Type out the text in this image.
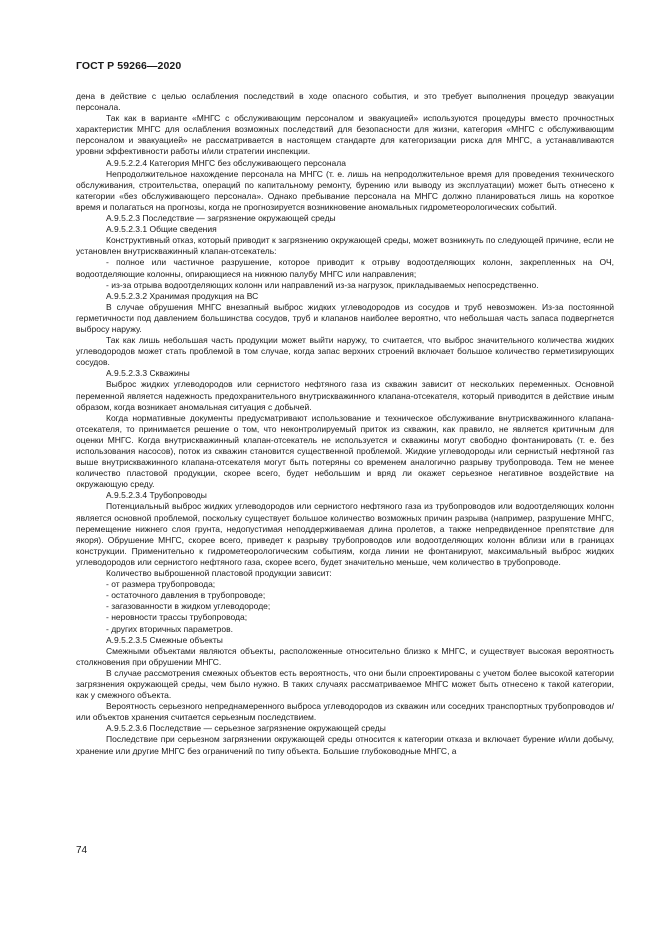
ГОСТ Р 59266—2020

дена в действие с целью ослабления последствий в ходе опасного события, и это требует выполнения процедур эвакуации персонала.

Так как в варианте «МНГС с обслуживающим персоналом и эвакуацией» используются процедуры вместо прочностных характеристик МНГС для ослабления возможных последствий для безопасности для жизни, категория «МНГС с обслуживающим персоналом и эвакуацией» не рассматривается в настоящем стандарте для категоризации риска для МНГС, а устанавливаются уровни эффективности работы и/или стратегии инспекции.

А.9.5.2.2.4 Категория МНГС без обслуживающего персонала

Непродолжительное нахождение персонала на МНГС (т. е. лишь на непродолжительное время для проведения технического обслуживания, строительства, операций по капитальному ремонту, бурению или выводу из эксплуатации) может быть отнесено к категории «без обслуживающего персонала». Однако пребывание персонала на МНГС должно планироваться лишь на короткое время и полагаться на прогнозы, когда не прогнозируется возникновение аномальных гидрометеорологических событий.

А.9.5.2.3 Последствие — загрязнение окружающей среды

А.9.5.2.3.1 Общие сведения

Конструктивный отказ, который приводит к загрязнению окружающей среды, может возникнуть по следующей причине, если не установлен внутрискважинный клапан-отсекатель:

- полное или частичное разрушение, которое приводит к отрыву водоотделяющих колонн, закрепленных на ОЧ, водоотделяющие колонны, опирающиеся на нижнюю палубу МНГС или направления;

- из-за отрыва водоотделяющих колонн или направлений из-за нагрузок, прикладываемых непосредственно.

А.9.5.2.3.2 Хранимая продукция на ВС

В случае обрушения МНГС внезапный выброс жидких углеводородов из сосудов и труб невозможен. Из-за постоянной герметичности под давлением большинства сосудов, труб и клапанов наиболее вероятно, что небольшая часть запаса подвергнется выбросу наружу.

Так как лишь небольшая часть продукции может выйти наружу, то считается, что выброс значительного количества жидких углеводородов может стать проблемой в том случае, когда запас верхних строений включает большое количество герметизирующих сосудов.

А.9.5.2.3.3 Скважины

Выброс жидких углеводородов или сернистого нефтяного газа из скважин зависит от нескольких переменных. Основной переменной является надежность предохранительного внутрискважинного клапана-отсекателя, который приводится в действие иным образом, когда возникает аномальная ситуация с добычей.

Когда нормативные документы предусматривают использование и техническое обслуживание внутрискважинного клапана-отсекателя, то принимается решение о том, что неконтролируемый приток из скважин, как правило, не является критичным для оценки МНГС. Когда внутрискважинный клапан-отсекатель не используется и скважины могут свободно фонтанировать (т. е. без использования насосов), поток из скважин становится существенной проблемой. Жидкие углеводороды или сернистый нефтяной газ выше внутрискважинного клапана-отсекателя могут быть потеряны со временем аналогично разрыву трубопровода. Тем не менее количество пластовой продукции, скорее всего, будет небольшим и вряд ли окажет серьезное негативное воздействие на окружающую среду.

А.9.5.2.3.4 Трубопроводы

Потенциальный выброс жидких углеводородов или сернистого нефтяного газа из трубопроводов или водоотделяющих колонн является основной проблемой, поскольку существует большое количество возможных причин разрыва (например, разрушение МНГС, перемещение нижнего слоя грунта, недопустимая неподдерживаемая длина пролетов, а также непредвиденное препятствие для якоря). Обрушение МНГС, скорее всего, приведет к разрыву трубопроводов или водоотделяющих колонн вблизи или в границах конструкции. Применительно к гидрометеорологическим событиям, когда линии не фонтанируют, максимальный выброс жидких углеводородов или сернистого нефтяного газа, скорее всего, будет значительно меньше, чем количество в трубопроводе.

Количество выброшенной пластовой продукции зависит:

- от размера трубопровода;

- остаточного давления в трубопроводе;

- загазованности в жидком углеводороде;

- неровности трассы трубопровода;

- других вторичных параметров.

А.9.5.2.3.5 Смежные объекты

Смежными объектами являются объекты, расположенные относительно близко к МНГС, и существует высокая вероятность столкновения при обрушении МНГС.

В случае рассмотрения смежных объектов есть вероятность, что они были спроектированы с учетом более высокой категории загрязнения окружающей среды, чем было нужно. В таких случаях рассматриваемое МНГС может быть отнесено к такой категории, как у смежного объекта.

Вероятность серьезного непреднамеренного выброса углеводородов из скважин или соседних транспортных трубопроводов и/или объектов хранения считается серьезным последствием.

А.9.5.2.3.6 Последствие — серьезное загрязнение окружающей среды

Последствие при серьезном загрязнении окружающей среды относится к категории отказа и включает бурение и/или добычу, хранение или другие МНГС без ограничений по типу объекта. Большие глубоководные МНГС, а

74
